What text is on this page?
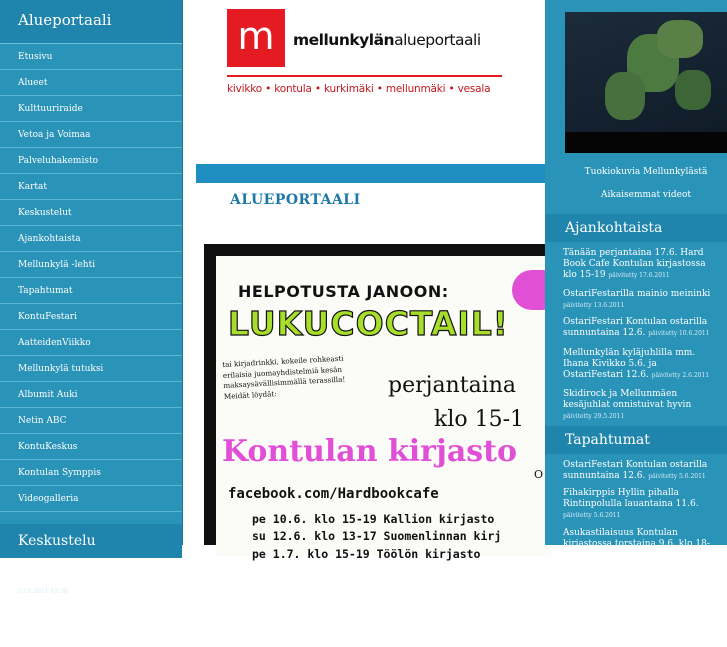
Alueportaali
Etusivu
Alueet
Kulttuuriraide
Vetoa ja Voimaa
Palveluhakemisto
Kartat
Keskustelut
Ajankohtaista
Mellunkylä -lehti
Tapahtumat
KontuFestari
AatteidenViikko
Mellunkylä tutuksi
Albumit Auki
Netin ABC
KontuKeskus
Kontulan Symppis
Videogalleria
Keskustelu
Pate Jees, oli kiva tapahtuma. Se bluesjuttu oli aivan käsittämätön.
13.8.2011 15:38
Tiiti Oli hyvä meininki Ostarifestareilla. Tosin olisi voinut olla enemmänkin ihmisiä! Luca
m	mellunkylänalueportaali
kivikko • kontula • kurkimäki • mellunmäki • vesala
ALUEPORTAALI
HELPOTUSTA JANOON:
LUKUCOCTAIL!
tai kirjadrinkki, kokeile rohkeasti erilaisia juomayhdistelmiä kesän maksaysävällisimmällä terassilla! Meidät löydät:	perjantaina
klo 15-1
Kontulan kirjasto
O
facebook.com/Hardbookcafe
pe 10.6. klo 15-19 Kallion kirjasto
su 12.6. klo 13-17 Suomenlinnan kirj
pe 1.7. klo 15-19 Töölön kirjasto
Tuokiokuvia Mellunkylästä
Aikaisemmat videot
Ajankohtaista
Tänään perjantaina 17.6. Hard Book Cafe Kontulan kirjastossa klo 15-19 päivitetty 17.6.2011
OstariFestarilla mainio meininki
päivitetty 13.6.2011
OstariFestari Kontulan ostarilla sunnuntaina 12.6. päivitetty 10.6.2011
Mellunkylän kyläjuhlilla mm. Ihana Kivikko 5.6. ja OstariFestari 12.6. päivitetty 2.6.2011
Skidirock ja Mellunmäen kesäjuhlat onnistuivat hyvin päivitetty 29.5.2011
Tapahtumat
OstariFestari Kontulan ostarilla sunnuntaina 12.6. päivitetty 5.6.2011
Fihakirppis Hyllin pihalla Rintinpolulla lauantaina 11.6. päivitetty 5.6.2011
Asukastilaisuus Kontulan kirjastossa torstaina 9.6. klo 18-19.30
